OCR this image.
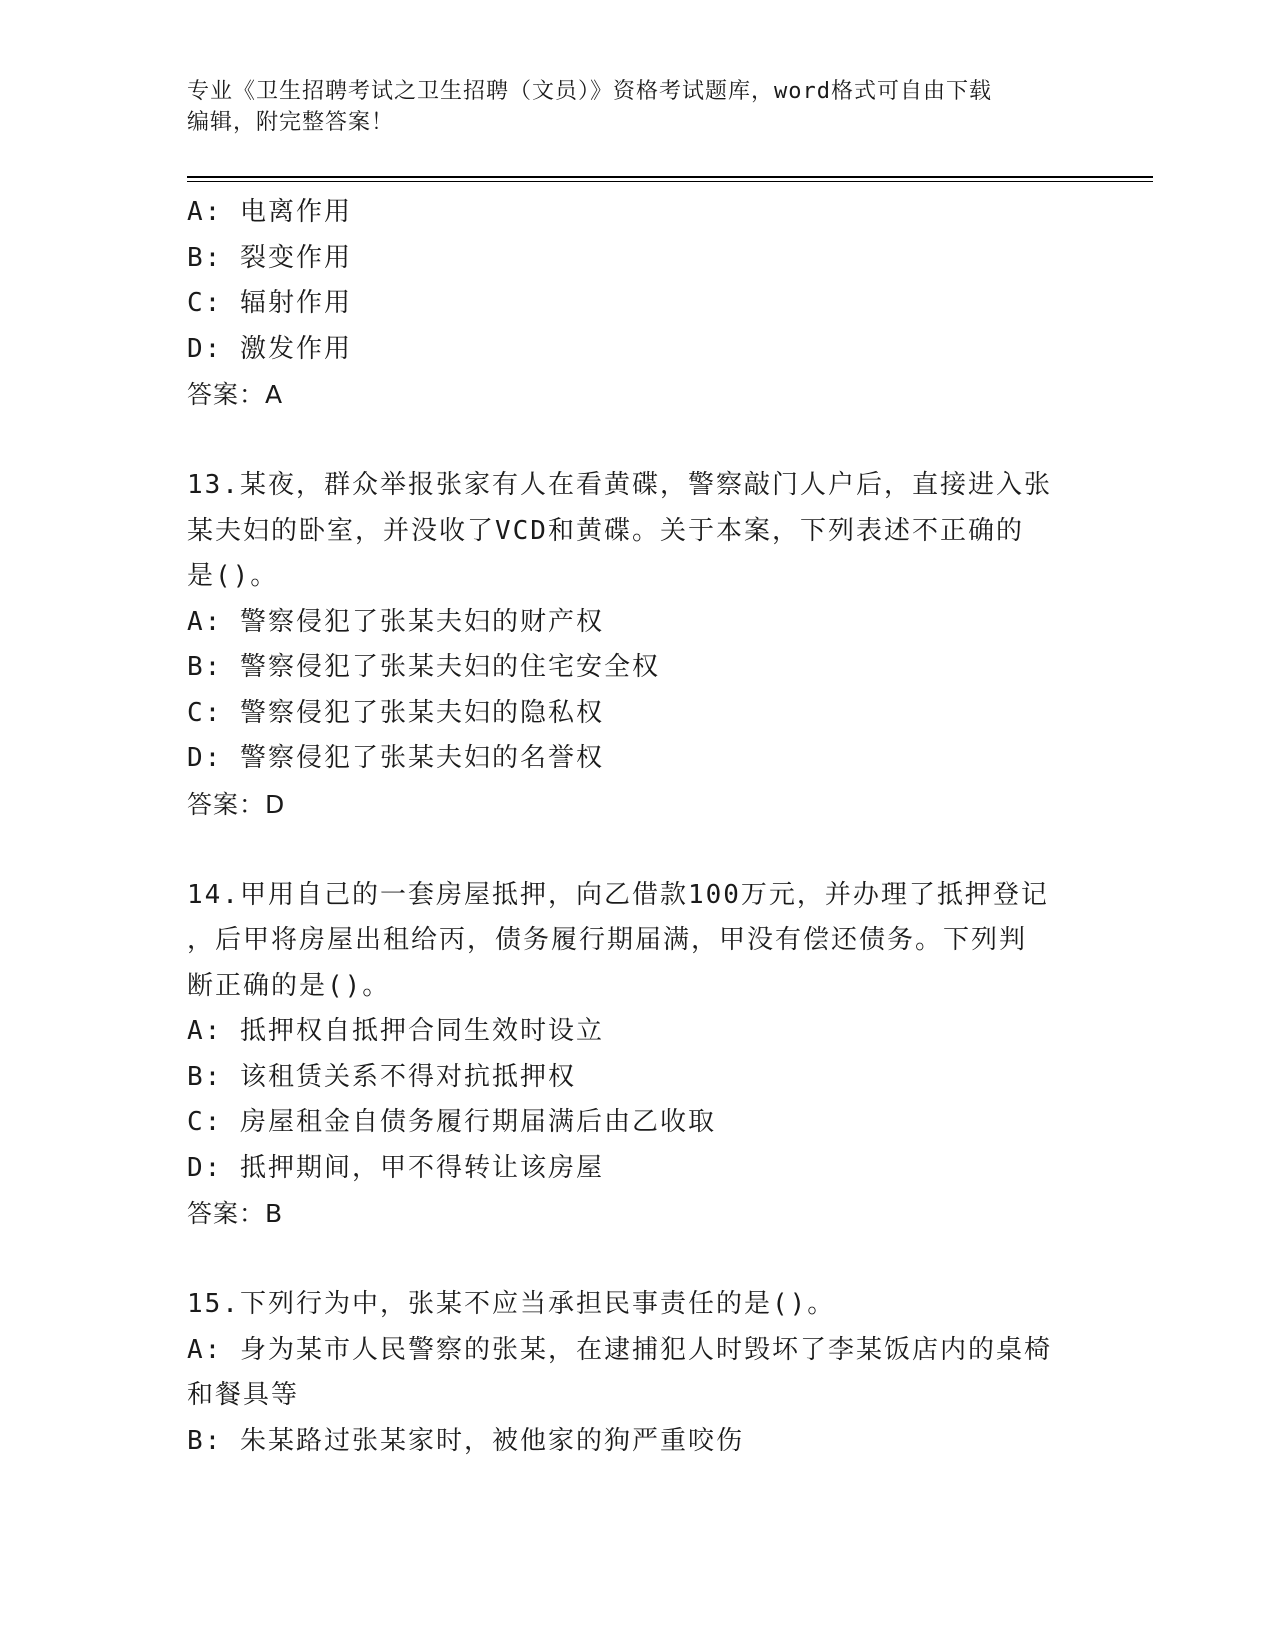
专业《卫生招聘考试之卫生招聘（文员）》资格考试题库，word格式可自由下载
编辑，附完整答案！
A: 电离作用
B: 裂变作用
C: 辐射作用
D: 激发作用
答案：A
13.某夜，群众举报张家有人在看黄碟，警察敲门人户后，直接进入张
某夫妇的卧室，并没收了VCD和黄碟。关于本案，下列表述不正确的
是()。
A: 警察侵犯了张某夫妇的财产权
B: 警察侵犯了张某夫妇的住宅安全权
C: 警察侵犯了张某夫妇的隐私权
D: 警察侵犯了张某夫妇的名誉权
答案：D
14.甲用自己的一套房屋抵押，向乙借款100万元，并办理了抵押登记
，后甲将房屋出租给丙，债务履行期届满，甲没有偿还债务。下列判
断正确的是()。
A: 抵押权自抵押合同生效时设立
B: 该租赁关系不得对抗抵押权
C: 房屋租金自债务履行期届满后由乙收取
D: 抵押期间，甲不得转让该房屋
答案：B
15.下列行为中，张某不应当承担民事责任的是()。
A: 身为某市人民警察的张某，在逮捕犯人时毁坏了李某饭店内的桌椅
和餐具等
B: 朱某路过张某家时，被他家的狗严重咬伤
